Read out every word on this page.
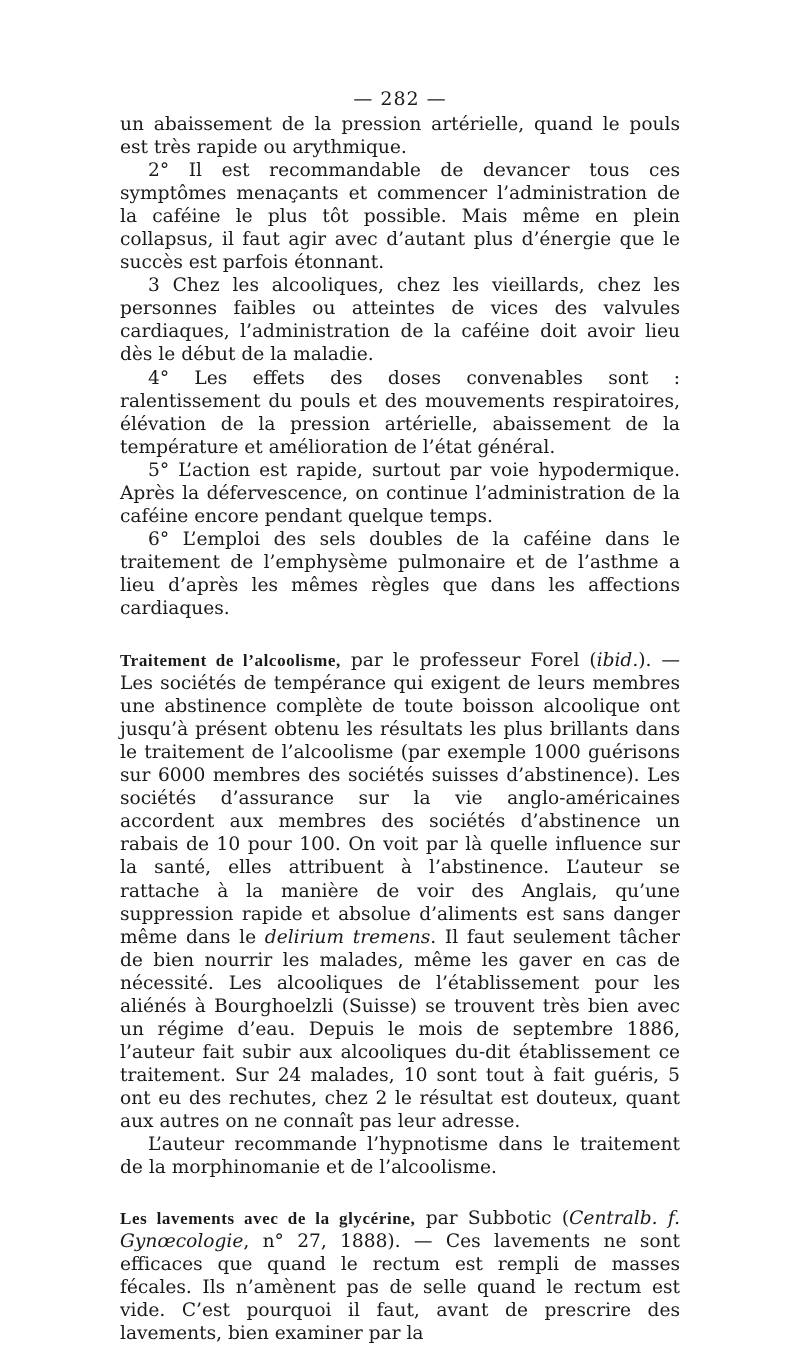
— 282 —

un abaissement de la pression artérielle, quand le pouls est très rapide ou arythmique.

2° Il est recommandable de devancer tous ces symptômes menaçants et commencer l’administration de la caféine le plus tôt possible. Mais même en plein collapsus, il faut agir avec d’autant plus d’énergie que le succès est parfois étonnant.

3 Chez les alcooliques, chez les vieillards, chez les personnes faibles ou atteintes de vices des valvules cardiaques, l’administration de la caféine doit avoir lieu dès le début de la maladie.

4° Les effets des doses convenables sont : ralentissement du pouls et des mouvements respiratoires, élévation de la pression artérielle, abaissement de la température et amélioration de l’état général.

5° L’action est rapide, surtout par voie hypodermique. Après la défervescence, on continue l’administration de la caféine encore pendant quelque temps.

6° L’emploi des sels doubles de la caféine dans le traitement de l’emphysème pulmonaire et de l’asthme a lieu d’après les mêmes règles que dans les affections cardiaques.

Traitement de l’alcoolisme, par le professeur Forel (ibid.). — Les sociétés de tempérance qui exigent de leurs membres une abstinence complète de toute boisson alcoolique ont jusqu’à présent obtenu les résultats les plus brillants dans le traitement de l’alcoolisme (par exemple 1000 guérisons sur 6000 membres des sociétés suisses d’abstinence). Les sociétés d’assurance sur la vie anglo-américaines accordent aux membres des sociétés d’abstinence un rabais de 10 pour 100. On voit par là quelle influence sur la santé, elles attribuent à l’abstinence. L’auteur se rattache à la manière de voir des Anglais, qu’une suppression rapide et absolue d’aliments est sans danger même dans le delirium tremens. Il faut seulement tâcher de bien nourrir les malades, même les gaver en cas de nécessité. Les alcooliques de l’établissement pour les aliénés à Bourghoelzli (Suisse) se trouvent très bien avec un régime d’eau. Depuis le mois de septembre 1886, l’auteur fait subir aux alcooliques du-dit établissement ce traitement. Sur 24 malades, 10 sont tout à fait guéris, 5 ont eu des rechutes, chez 2 le résultat est douteux, quant aux autres on ne connaît pas leur adresse.

L’auteur recommande l’hypnotisme dans le traitement de la morphinomanie et de l’alcoolisme.

Les lavements avec de la glycérine, par Subbotic (Centralb. f. Gynœcologie, n° 27, 1888). — Ces lavements ne sont efficaces que quand le rectum est rempli de masses fécales. Ils n’amènent pas de selle quand le rectum est vide. C’est pourquoi il faut, avant de prescrire des lavements, bien examiner par la
